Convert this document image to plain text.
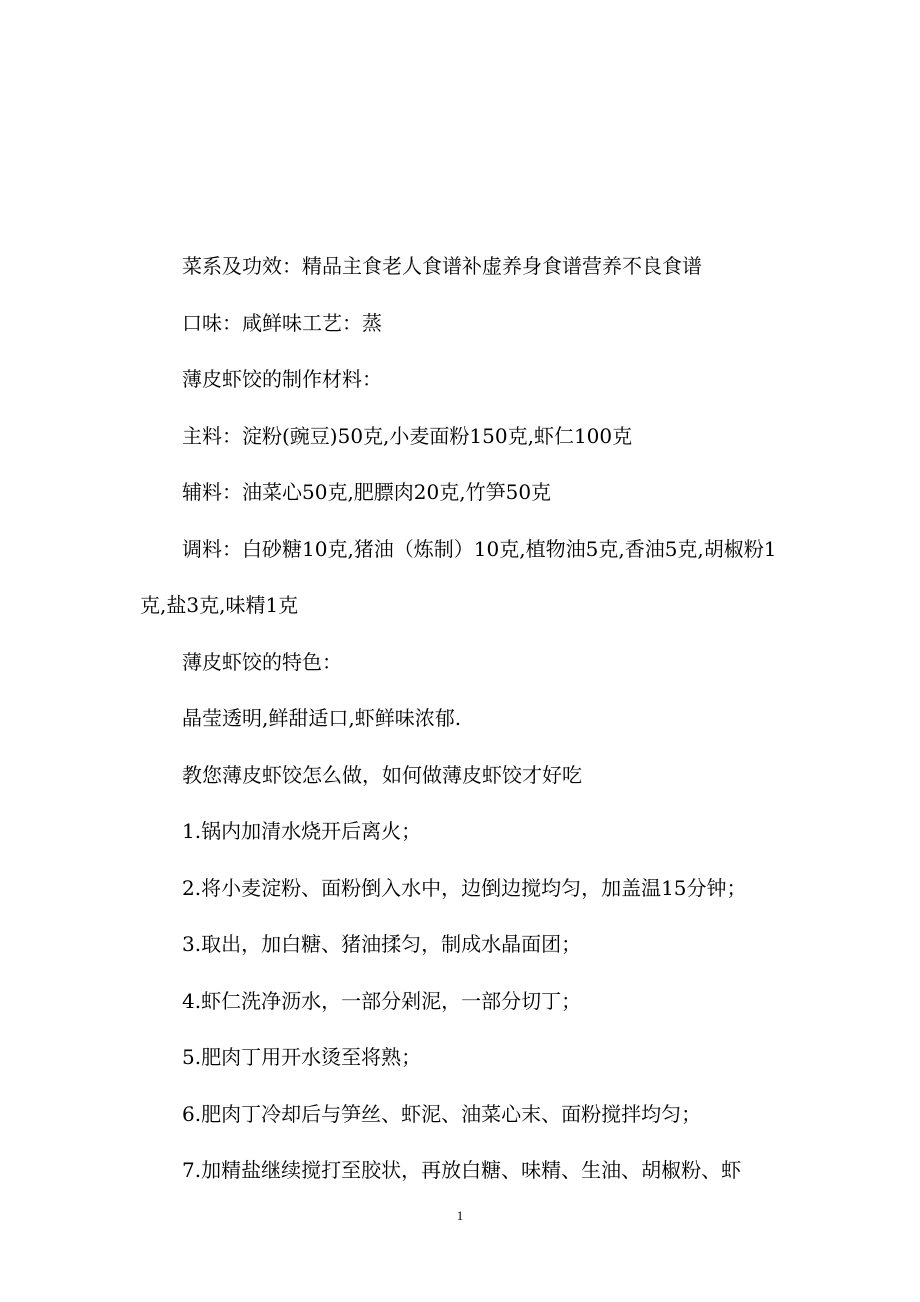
菜系及功效：精品主食老人食谱补虚养身食谱营养不良食谱

口味：咸鲜味工艺：蒸

薄皮虾饺的制作材料：

主料：淀粉(豌豆)50克,小麦面粉150克,虾仁100克

辅料：油菜心50克,肥膘肉20克,竹笋50克

调料：白砂糖10克,猪油（炼制）10克,植物油5克,香油5克,胡椒粉1克,盐3克,味精1克

薄皮虾饺的特色：

晶莹透明,鲜甜适口,虾鲜味浓郁.

教您薄皮虾饺怎么做，如何做薄皮虾饺才好吃

1.锅内加清水烧开后离火；

2.将小麦淀粉、面粉倒入水中，边倒边搅均匀，加盖温15分钟；

3.取出，加白糖、猪油揉匀，制成水晶面团；

4.虾仁洗净沥水，一部分剁泥，一部分切丁；

5.肥肉丁用开水烫至将熟；

6.肥肉丁冷却后与笋丝、虾泥、油菜心末、面粉搅拌均匀；

7.加精盐继续搅打至胶状，再放白糖、味精、生油、胡椒粉、虾

1
